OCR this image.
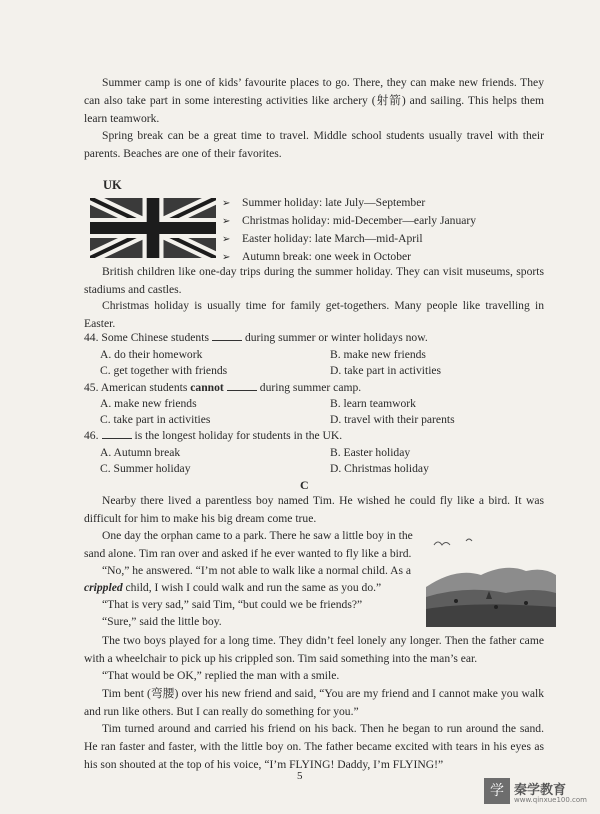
Summer camp is one of kids’ favourite places to go. There, they can make new friends. They can also take part in some interesting activities like archery (射箭) and sailing. This helps them learn teamwork.
Spring break can be a great time to travel. Middle school students usually travel with their parents. Beaches are one of their favorites.
UK
➢ Summer holiday: late July—September
➢ Christmas holiday: mid-December—early January
➢ Easter holiday: late March—mid-April
➢ Autumn break: one week in October
British children like one-day trips during the summer holiday. They can visit museums, sports stadiums and castles.
Christmas holiday is usually time for family get-togethers. Many people like travelling in Easter.
44. Some Chinese students	during summer or winter holidays now.
A. do their homework	B. make new friends
C. get together with friends	D. take part in activities
45. American students cannot	during summer camp.
A. make new friends	B. learn teamwork
C. take part in activities	D. travel with their parents
46.	is the longest holiday for students in the UK.
A. Autumn break	B. Easter holiday
C. Summer holiday	D. Christmas holiday
C
Nearby there lived a parentless boy named Tim. He wished he could fly like a bird. It was difficult for him to make his big dream come true.
One day the orphan came to a park. There he saw a little boy in the
sand alone. Tim ran over and asked if he ever wanted to fly like a bird.
“No,” he answered. “I’m not able to walk like a normal child. As a
crippled child, I wish I could walk and run the same as you do.”
“That is very sad,” said Tim, “but could we be friends?”
“Sure,” said the little boy.
The two boys played for a long time. They didn’t feel lonely any longer. Then the father came with a wheelchair to pick up his crippled son. Tim said something into the man’s ear.
“That would be OK,” replied the man with a smile.
Tim bent (弯腰) over his new friend and said, “You are my friend and I cannot make you walk and run like others. But I can really do something for you.”
Tim turned around and carried his friend on his back. Then he began to run around the sand. He ran faster and faster, with the little boy on. The father became excited with tears in his eyes as his son shouted at the top of his voice, “I’m FLYING! Daddy, I’m FLYING!”
5
学 秦学教育
www.qinxue100.com
